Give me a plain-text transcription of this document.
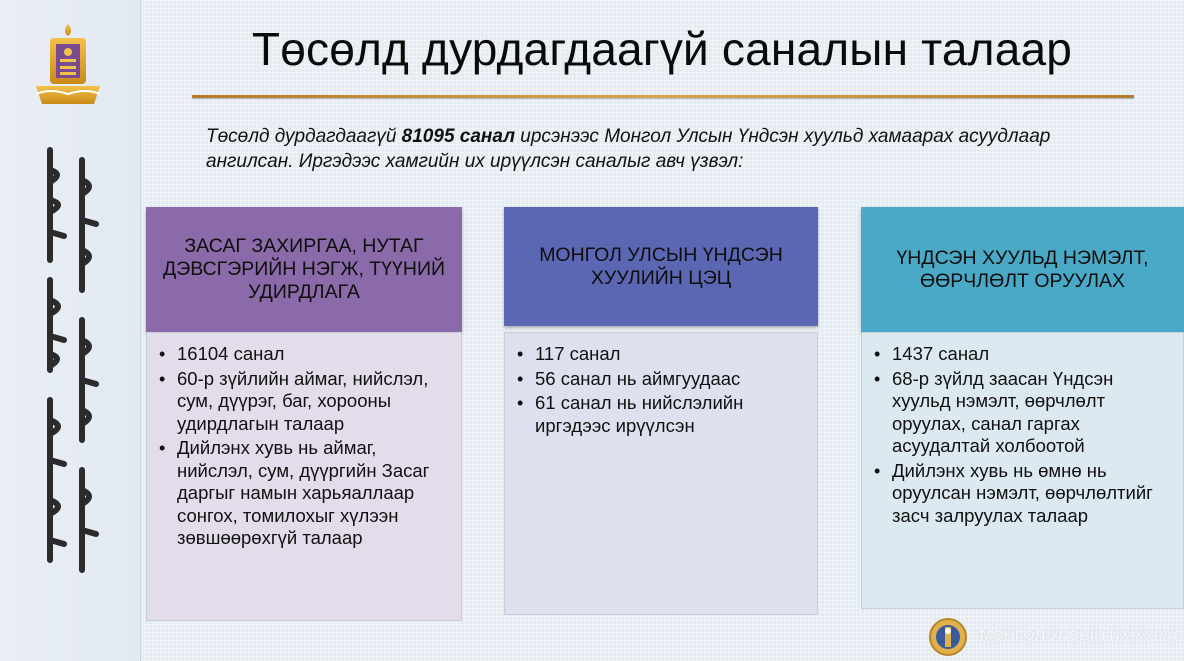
Төсөлд дурдагдаагүй саналын талаар
Төсөлд дурдагдаагүй 81095 санал ирсэнээс Монгол Улсын Үндсэн хуульд хамаарах асуудлаар ангилсан. Иргэдээс хамгийн их ирүүлсэн саналыг авч үзвэл:
ЗАСАГ ЗАХИРГАА, НУТАГ ДЭВСГЭРИЙН НЭГЖ, ТҮҮНИЙ УДИРДЛАГА
• 16104 санал
• 60-р зүйлийн аймаг, нийслэл, сум, дүүрэг, баг, хорооны удирдлагын талаар
• Дийлэнх хувь нь аймаг, нийслэл, сум, дүүргийн Засаг даргыг намын харьяаллаар сонгох, томилохыг хүлээн зөвшөөрөхгүй талаар
МОНГОЛ УЛСЫН ҮНДСЭН ХУУЛИЙН ЦЭЦ
• 117 санал
• 56 санал нь аймгуудаас
• 61 санал нь нийслэлийн иргэдээс ирүүлсэн
ҮНДСЭН ХУУЛЬД НЭМЭЛТ, ӨӨРЧЛӨЛТ ОРУУЛАХ
• 1437 санал
• 68-р зүйлд заасан Үндсэн хуульд нэмэлт, өөрчлөлт оруулах, санал гаргах асуудалтай холбоотой
• Дийлэнх хувь нь өмнө нь оруулсан нэмэлт, өөрчлөлтийг засч залруулах талаар
МОНГОЛ УЛСЫН ИХ ХУРАЛ
